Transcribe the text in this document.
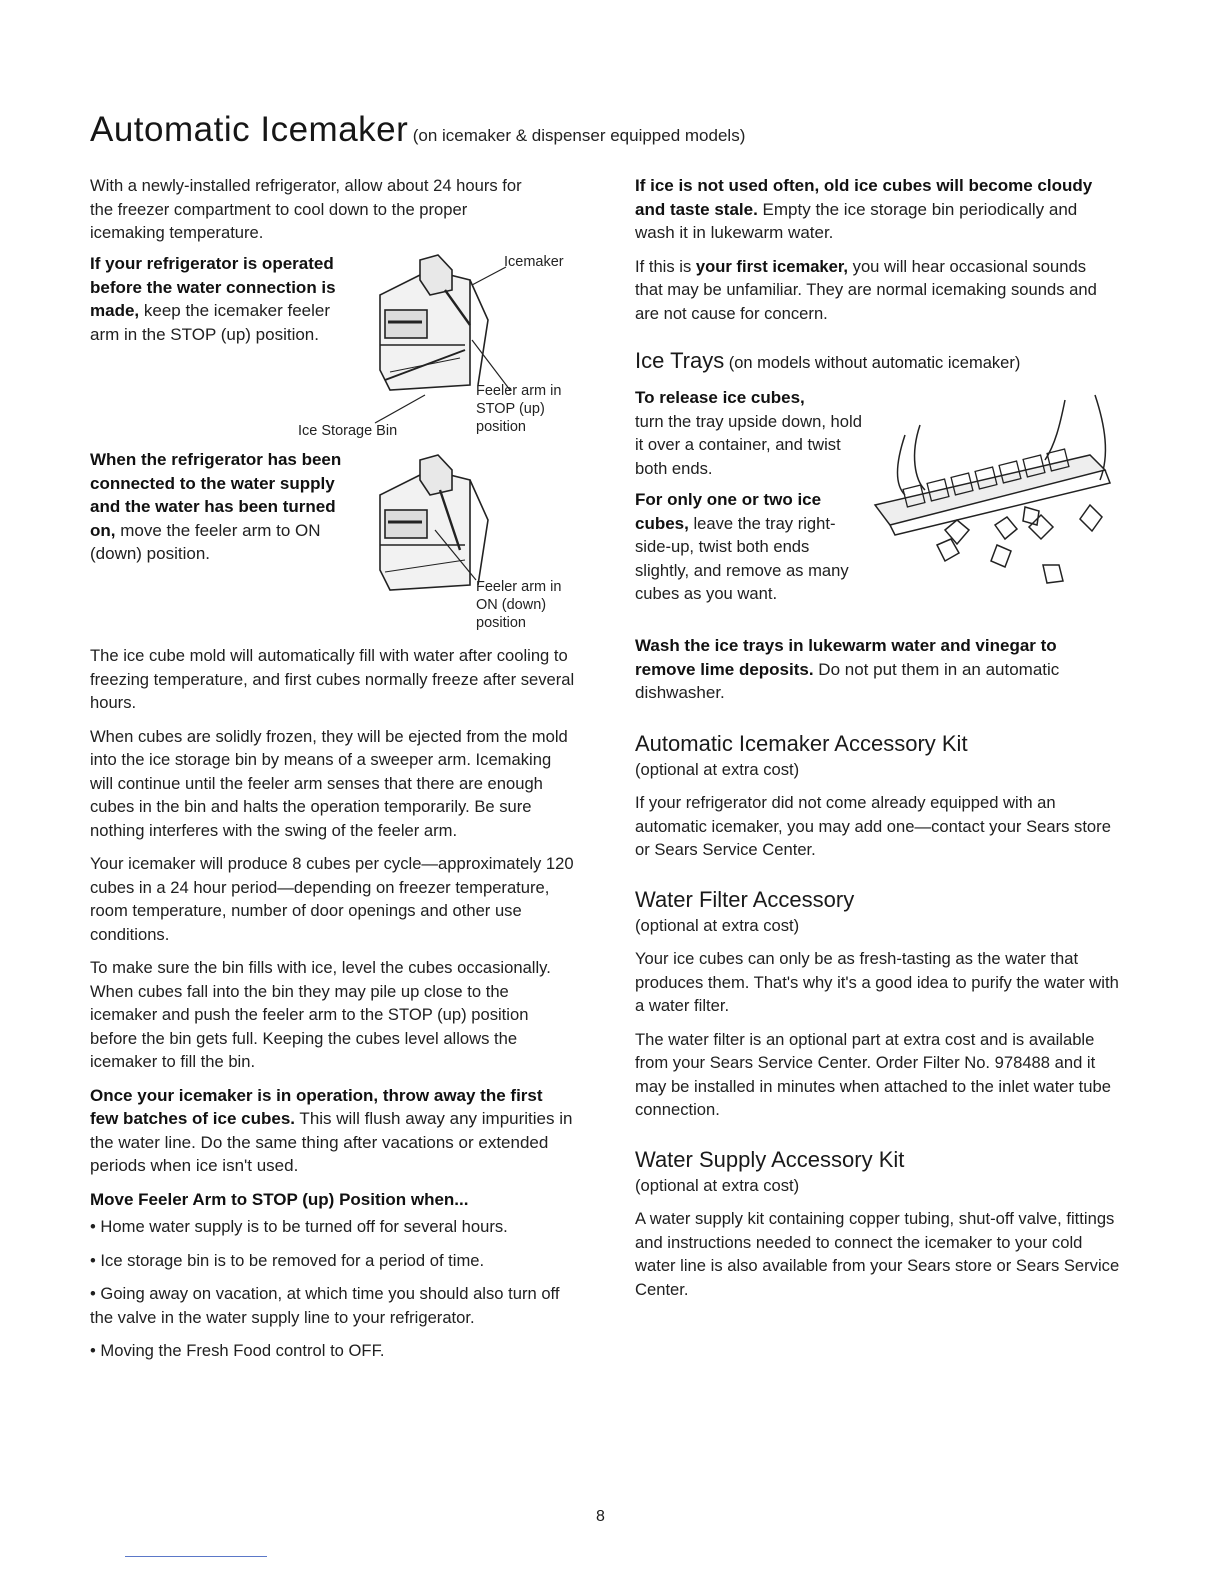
Automatic Icemaker (on icemaker & dispenser equipped models)

With a newly-installed refrigerator, allow about 24 hours for the freezer compartment to cool down to the proper icemaking temperature.

If your refrigerator is operated before the water connection is made, keep the icemaker feeler arm in the STOP (up) position.
Icemaker
Feeler arm in
STOP (up)
position
Ice Storage Bin
When the refrigerator has been connected to the water supply and the water has been turned on, move the feeler arm to ON (down) position.
Feeler arm in
ON (down)
position

The ice cube mold will automatically fill with water after cooling to freezing temperature, and first cubes normally freeze after several hours.

When cubes are solidly frozen, they will be ejected from the mold into the ice storage bin by means of a sweeper arm. Icemaking will continue until the feeler arm senses that there are enough cubes in the bin and halts the operation temporarily. Be sure nothing interferes with the swing of the feeler arm.

Your icemaker will produce 8 cubes per cycle—approximately 120 cubes in a 24 hour period—depending on freezer temperature, room temperature, number of door openings and other use conditions.

To make sure the bin fills with ice, level the cubes occasionally. When cubes fall into the bin they may pile up close to the icemaker and push the feeler arm to the STOP (up) position before the bin gets full. Keeping the cubes level allows the icemaker to fill the bin.

Once your icemaker is in operation, throw away the first few batches of ice cubes. This will flush away any impurities in the water line. Do the same thing after vacations or extended periods when ice isn't used.

Move Feeler Arm to STOP (up) Position when...

• Home water supply is to be turned off for several hours.

• Ice storage bin is to be removed for a period of time.

• Going away on vacation, at which time you should also turn off the valve in the water supply line to your refrigerator.

• Moving the Fresh Food control to OFF.

If ice is not used often, old ice cubes will become cloudy and taste stale. Empty the ice storage bin periodically and wash it in lukewarm water.

If this is your first icemaker, you will hear occasional sounds that may be unfamiliar. They are normal icemaking sounds and are not cause for concern.

Ice Trays (on models without automatic icemaker)

To release ice cubes,
turn the tray upside down, hold it over a container, and twist both ends.

For only one or two ice cubes, leave the tray right-side-up, twist both ends slightly, and remove as many cubes as you want.

Wash the ice trays in lukewarm water and vinegar to remove lime deposits. Do not put them in an automatic dishwasher.

Automatic Icemaker Accessory Kit

(optional at extra cost)

If your refrigerator did not come already equipped with an automatic icemaker, you may add one—contact your Sears store or Sears Service Center.

Water Filter Accessory

(optional at extra cost)

Your ice cubes can only be as fresh-tasting as the water that produces them. That's why it's a good idea to purify the water with a water filter.

The water filter is an optional part at extra cost and is available from your Sears Service Center. Order Filter No. 978488 and it may be installed in minutes when attached to the inlet water tube connection.

Water Supply Accessory Kit

(optional at extra cost)

A water supply kit containing copper tubing, shut-off valve, fittings and instructions needed to connect the icemaker to your cold water line is also available from your Sears store or Sears Service Center.

8
